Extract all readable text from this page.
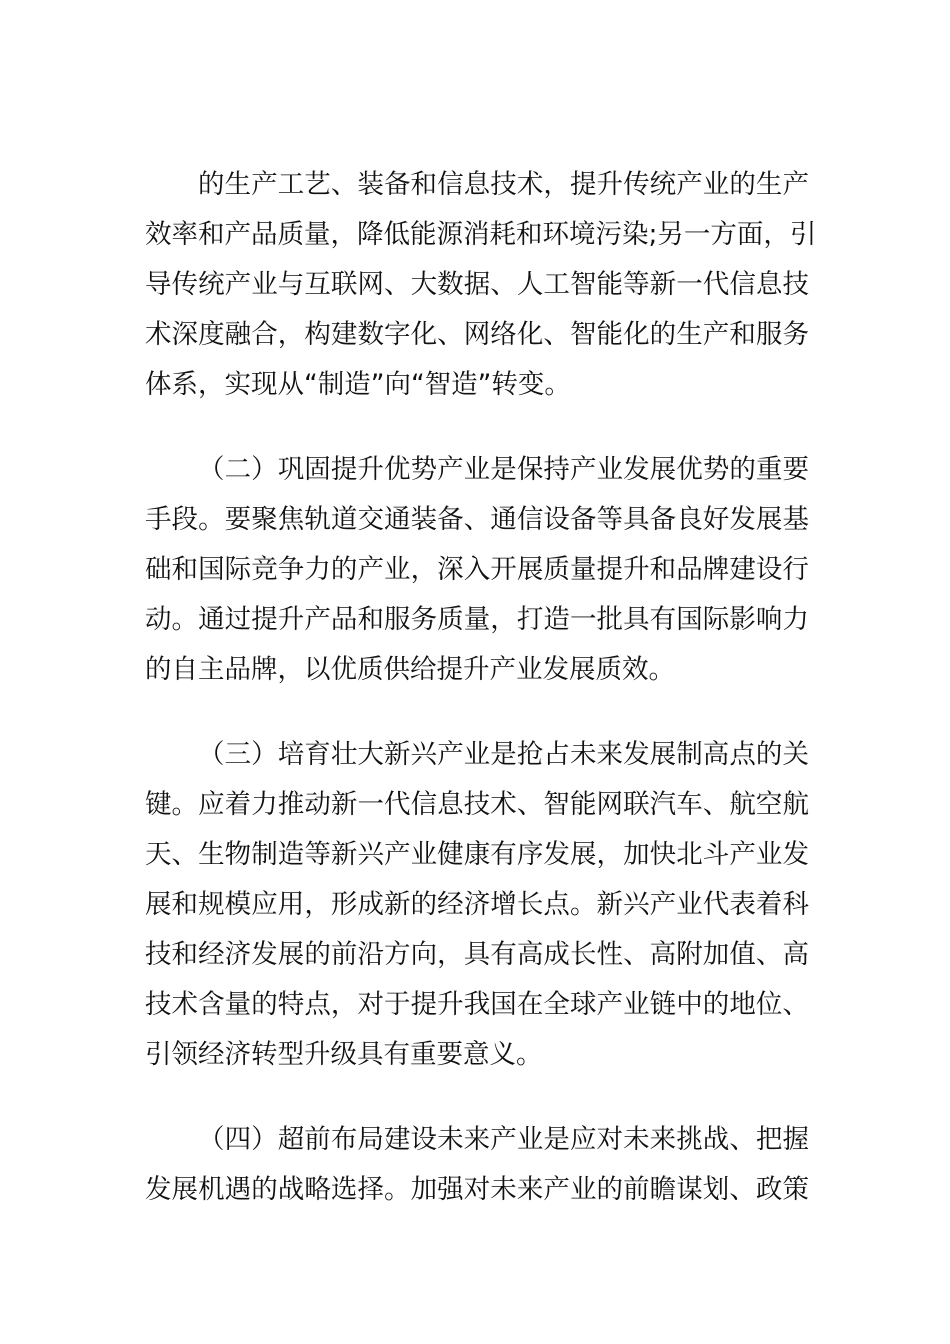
的生产工艺、装备和信息技术，提升传统产业的生产
效率和产品质量，降低能源消耗和环境污染;另一方面，引
导传统产业与互联网、大数据、人工智能等新一代信息技
术深度融合，构建数字化、网络化、智能化的生产和服务
体系，实现从“制造”向“智造”转变。
（二）巩固提升优势产业是保持产业发展优势的重要
手段。要聚焦轨道交通装备、通信设备等具备良好发展基
础和国际竞争力的产业，深入开展质量提升和品牌建设行
动。通过提升产品和服务质量，打造一批具有国际影响力
的自主品牌，以优质供给提升产业发展质效。
（三）培育壮大新兴产业是抢占未来发展制高点的关
键。应着力推动新一代信息技术、智能网联汽车、航空航
天、生物制造等新兴产业健康有序发展，加快北斗产业发
展和规模应用，形成新的经济增长点。新兴产业代表着科
技和经济发展的前沿方向，具有高成长性、高附加值、高
技术含量的特点，对于提升我国在全球产业链中的地位、
引领经济转型升级具有重要意义。
（四）超前布局建设未来产业是应对未来挑战、把握
发展机遇的战略选择。加强对未来产业的前瞻谋划、政策
